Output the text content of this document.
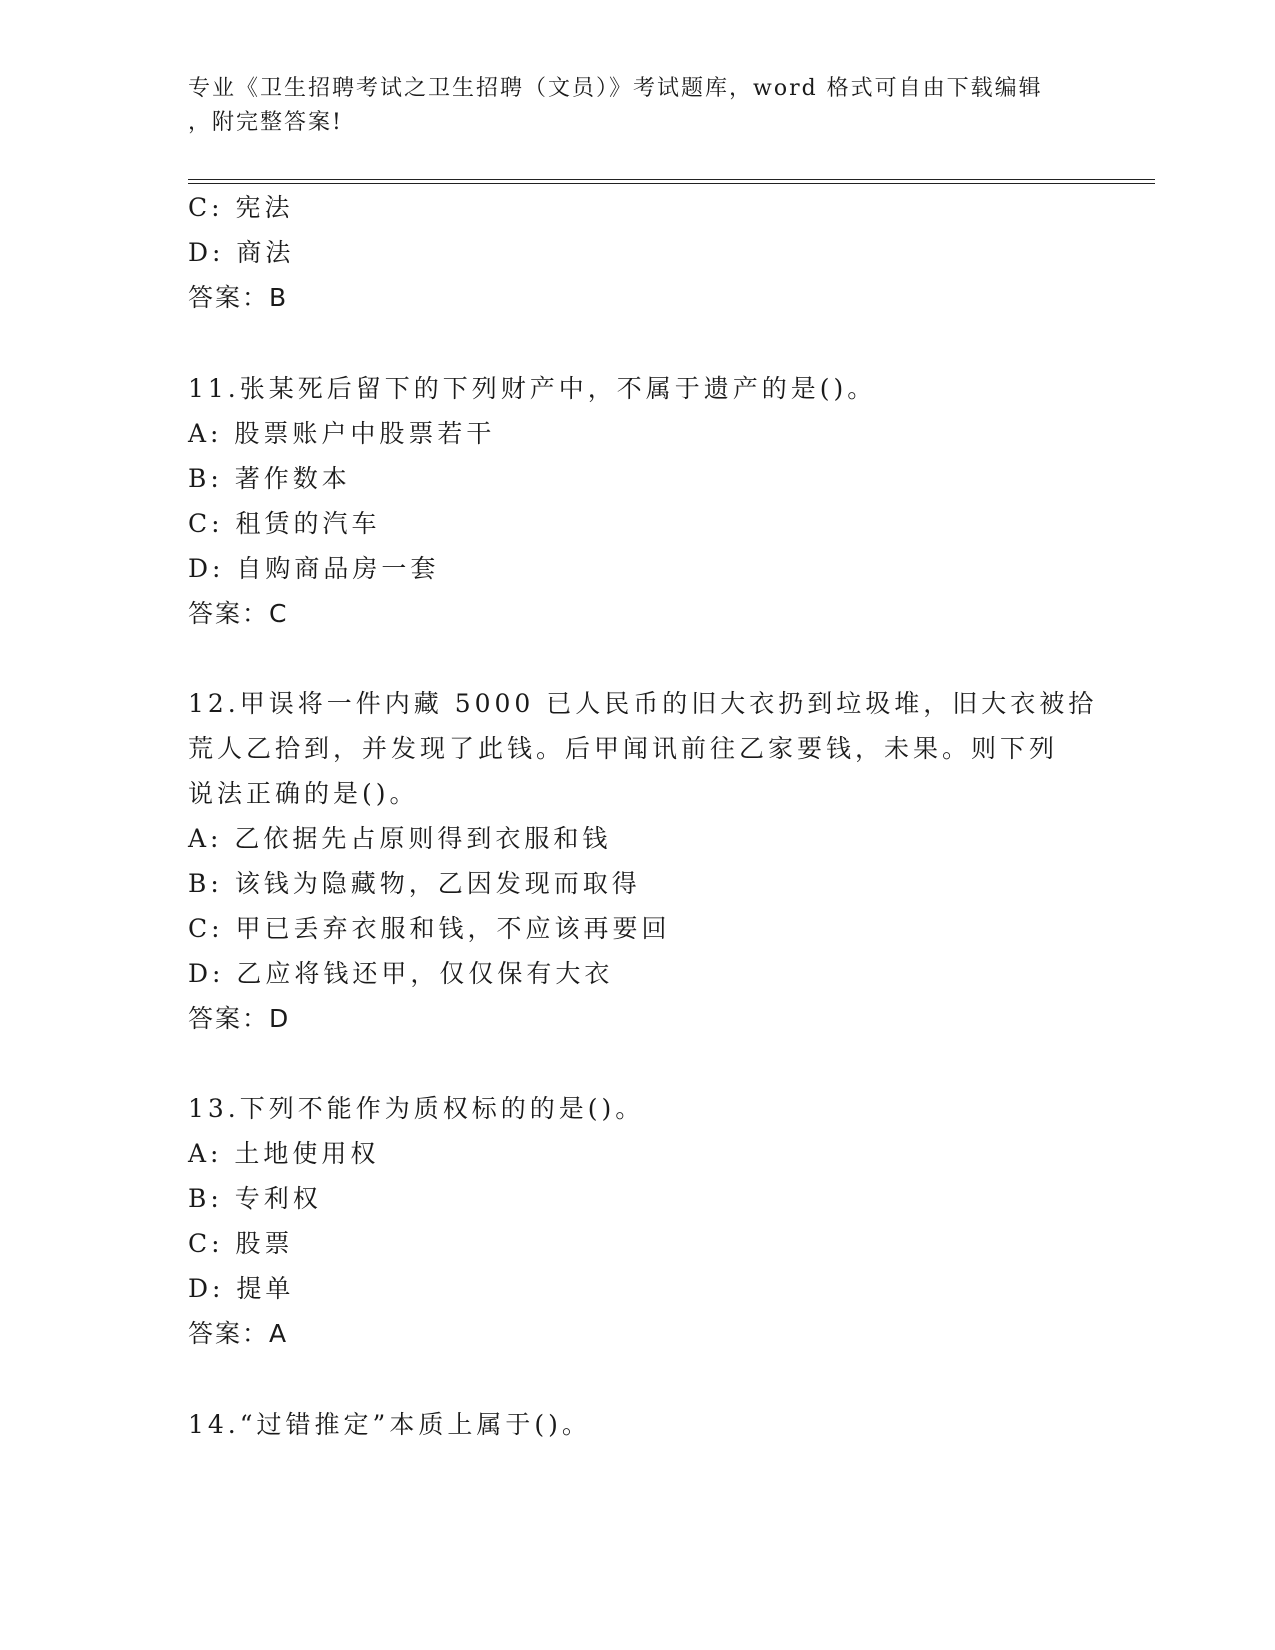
专业《卫生招聘考试之卫生招聘（文员）》考试题库，word 格式可自由下载编辑
，附完整答案!
C: 宪法
D: 商法
答案：B
11.张某死后留下的下列财产中，不属于遗产的是()。
A: 股票账户中股票若干
B: 著作数本
C: 租赁的汽车
D: 自购商品房一套
答案：C
12.甲误将一件内藏 5000 已人民币的旧大衣扔到垃圾堆，旧大衣被拾
荒人乙拾到，并发现了此钱。后甲闻讯前往乙家要钱，未果。则下列
说法正确的是()。
A: 乙依据先占原则得到衣服和钱
B: 该钱为隐藏物，乙因发现而取得
C: 甲已丢弃衣服和钱，不应该再要回
D: 乙应将钱还甲，仅仅保有大衣
答案：D
13.下列不能作为质权标的的是()。
A: 土地使用权
B: 专利权
C: 股票
D: 提单
答案：A
14.“过错推定”本质上属于()。
